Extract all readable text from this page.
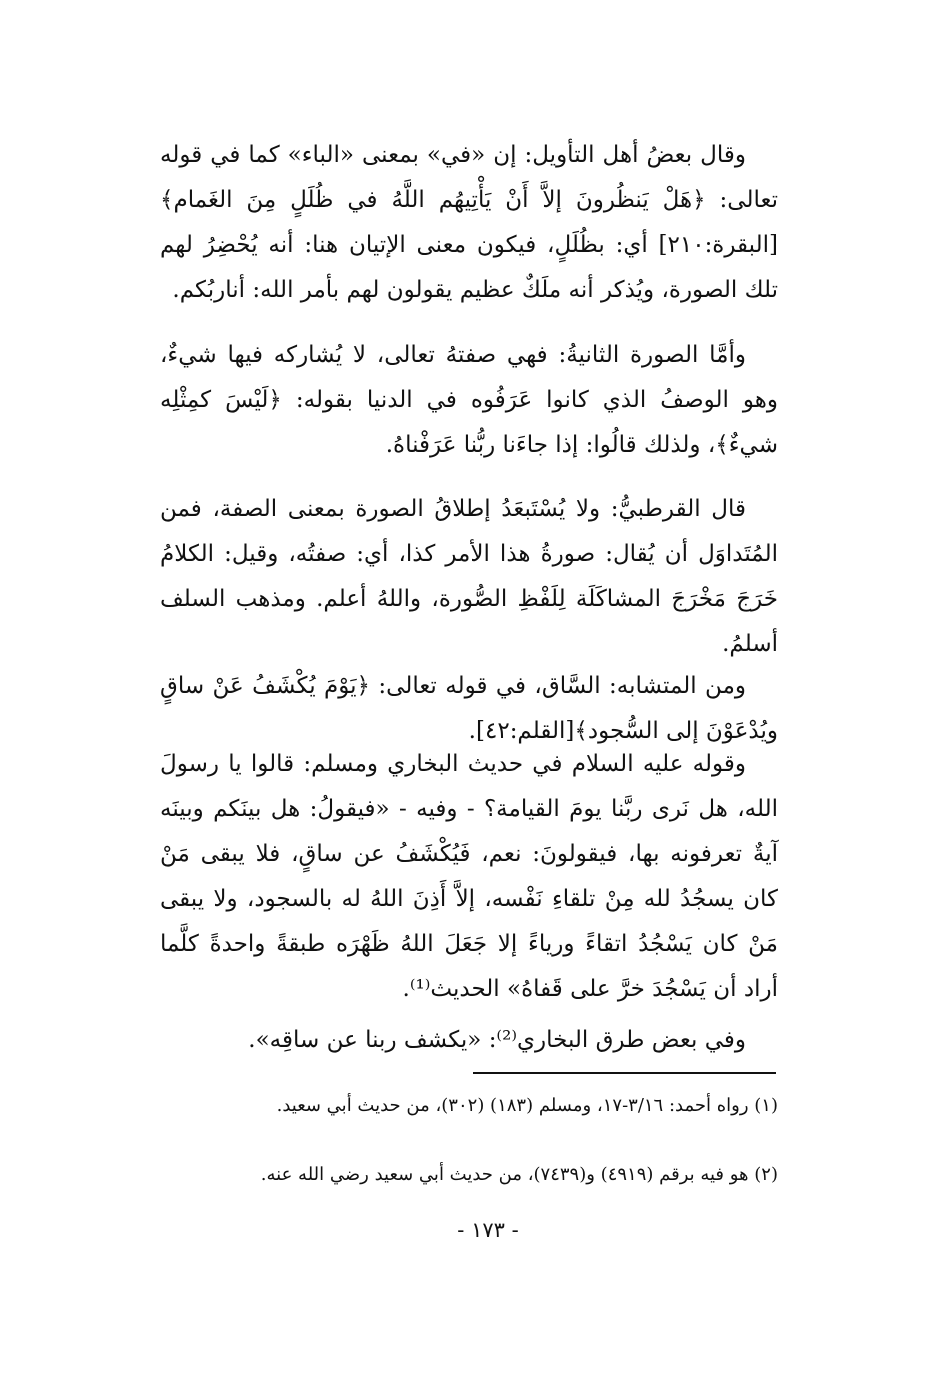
وقال بعضُ أهل التأويل: إن «في» بمعنى «الباء» كما في قوله تعالى: ﴿هَلْ يَنظُرونَ إلاَّ أَنْ يَأْتِيهُم اللَّهُ في ظُلَلٍ مِنَ الغَمام﴾ [البقرة:٢١٠] أي: بظُلَلٍ، فيكون معنى الإتيان هنا: أنه يُحْضِرُ لهم تلك الصورة، ويُذكر أنه ملَكٌ عظيم يقولون لهم بأمر الله: أناربُكم.

وأمَّا الصورة الثانيةُ: فهي صفتهُ تعالى، لا يُشاركه فيها شيءٌ، وهو الوصفُ الذي كانوا عَرَفُوه في الدنيا بقوله: ﴿لَيْسَ كمِثْلِه شيءٌ﴾، ولذلك قالُوا: إذا جاءَنا ربُّنا عَرَفْناهُ.

قال القرطبيُّ: ولا يُسْتَبعَدُ إطلاقُ الصورة بمعنى الصفة، فمن المُتَداوَل أن يُقال: صورةُ هذا الأمر كذا، أي: صفتُه، وقيل: الكلامُ خَرَجَ مَخْرَجَ المشاكَلَة لِلَفْظِ الصُّورة، واللهُ أعلم. ومذهب السلف أسلمُ.

ومن المتشابه: السَّاق، في قوله تعالى: ﴿يَوْمَ يُكْشَفُ عَنْ ساقٍ ويُدْعَوْنَ إلى السُّجود﴾[القلم:٤٢].

وقوله عليه السلام في حديث البخاري ومسلم: قالوا يا رسولَ الله، هل نَرى ربَّنا يومَ القيامة؟ - وفيه - «فيقولُ: هل بينَكم وبينَه آيةٌ تعرفونه بها، فيقولونَ: نعم، فَيُكْشَفُ عن ساقٍ، فلا يبقى مَنْ كان يسجُدُ لله مِنْ تلقاءِ نَفْسه، إلاَّ أَذِنَ اللهُ له بالسجود، ولا يبقى مَنْ كان يَسْجُدُ اتقاءً ورياءً إلا جَعَلَ اللهُ ظَهْرَه طبقةً واحدةً كلَّما أراد أن يَسْجُدَ خرَّ على قَفاهُ» الحديث⁽¹⁾.

وفي بعض طرق البخاري⁽²⁾: «يكشف ربنا عن ساقِه».

(١) رواه أحمد: ٣/١٦-١٧، ومسلم (١٨٣) (٣٠٢)، من حديث أبي سعيد.

(٢) هو فيه برقم (٤٩١٩) و(٧٤٣٩)، من حديث أبي سعيد رضي الله عنه.

- ١٧٣ -
